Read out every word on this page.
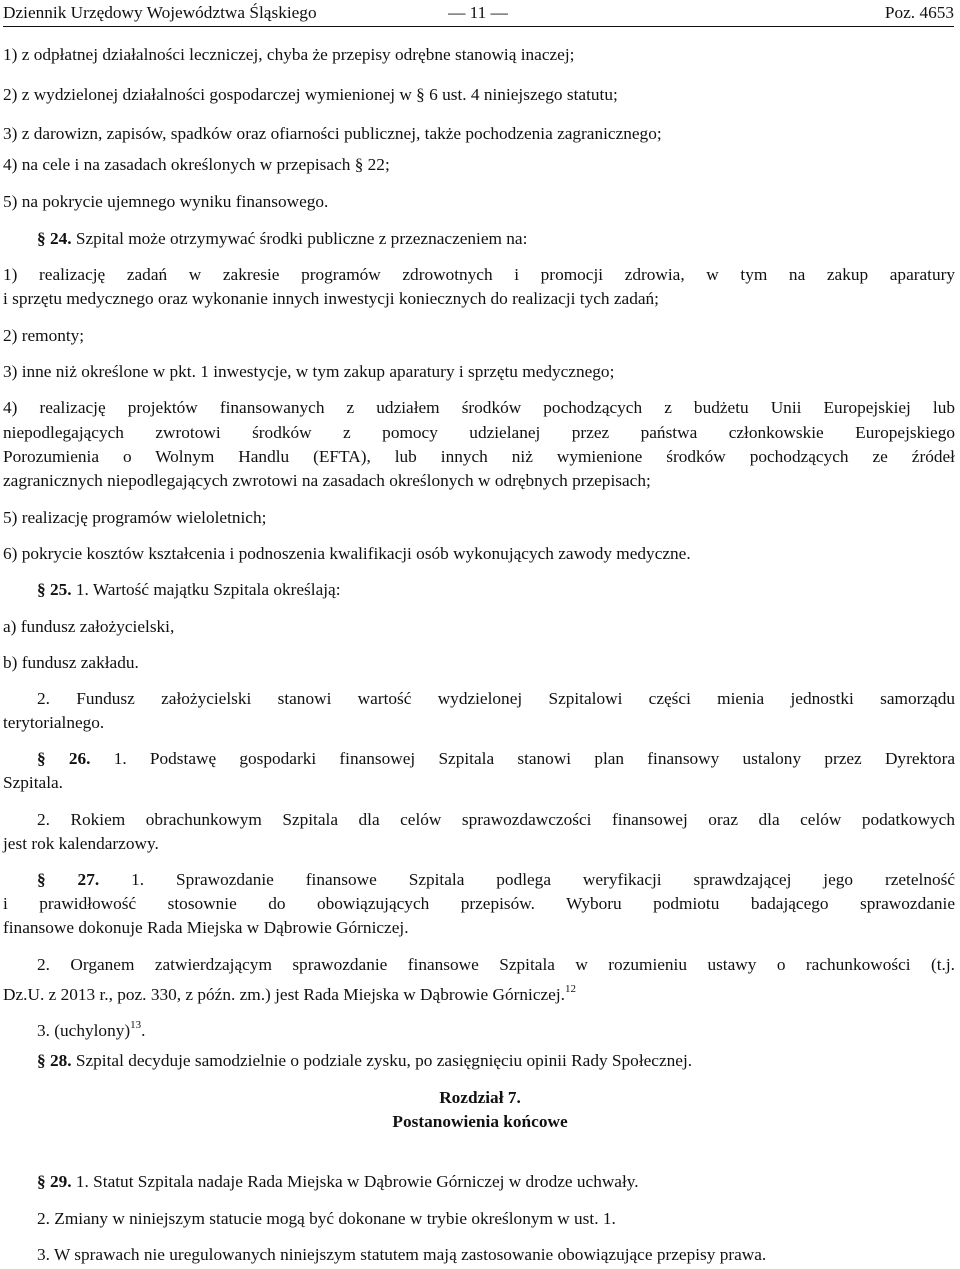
Dziennik Urzędowy Województwa Śląskiego	— 11 —	Poz. 4653
1) z odpłatnej działalności leczniczej, chyba że przepisy odrębne stanowią inaczej;
2) z wydzielonej działalności gospodarczej wymienionej w § 6 ust. 4 niniejszego statutu;
3) z darowizn, zapisów, spadków oraz ofiarności publicznej, także pochodzenia zagranicznego;
4) na cele i na zasadach określonych w przepisach § 22;
5) na pokrycie ujemnego wyniku finansowego.
§ 24. Szpital może otrzymywać środki publiczne z przeznaczeniem na:
1) realizację zadań w zakresie programów zdrowotnych i promocji zdrowia, w tym na zakup aparatury
i sprzętu medycznego oraz wykonanie innych inwestycji koniecznych do realizacji tych zadań;
2) remonty;
3) inne niż określone w pkt. 1 inwestycje, w tym zakup aparatury i sprzętu medycznego;
4) realizację projektów finansowanych z udziałem środków pochodzących z budżetu Unii Europejskiej lub
niepodlegających zwrotowi środków z pomocy udzielanej przez państwa członkowskie Europejskiego
Porozumienia o Wolnym Handlu (EFTA), lub innych niż wymienione środków pochodzących ze źródeł
zagranicznych niepodlegających zwrotowi na zasadach określonych w odrębnych przepisach;
5) realizację programów wieloletnich;
6) pokrycie kosztów kształcenia i podnoszenia kwalifikacji osób wykonujących zawody medyczne.
§ 25. 1. Wartość majątku Szpitala określają:
a) fundusz założycielski,
b) fundusz zakładu.
2. Fundusz założycielski stanowi wartość wydzielonej Szpitalowi części mienia jednostki samorządu
terytorialnego.
§ 26. 1. Podstawę gospodarki finansowej Szpitala stanowi plan finansowy ustalony przez Dyrektora
Szpitala.
2. Rokiem obrachunkowym Szpitala dla celów sprawozdawczości finansowej oraz dla celów podatkowych
jest rok kalendarzowy.
§ 27. 1. Sprawozdanie finansowe Szpitala podlega weryfikacji sprawdzającej jego rzetelność
i prawidłowość stosownie do obowiązujących przepisów. Wyboru podmiotu badającego sprawozdanie
finansowe dokonuje Rada Miejska w Dąbrowie Górniczej.
2. Organem zatwierdzającym sprawozdanie finansowe Szpitala w rozumieniu ustawy o rachunkowości (t.j.
Dz.U. z 2013 r., poz. 330, z późn. zm.) jest Rada Miejska w Dąbrowie Górniczej.$^{12}$
3. (uchylony)$^{13}$.
§ 28. Szpital decyduje samodzielnie o podziale zysku, po zasięgnięciu opinii Rady Społecznej.
Rozdział 7.
Postanowienia końcowe
§ 29. 1. Statut Szpitala nadaje Rada Miejska w Dąbrowie Górniczej w drodze uchwały.
2. Zmiany w niniejszym statucie mogą być dokonane w trybie określonym w ust. 1.
3. W sprawach nie uregulowanych niniejszym statutem mają zastosowanie obowiązujące przepisy prawa.
